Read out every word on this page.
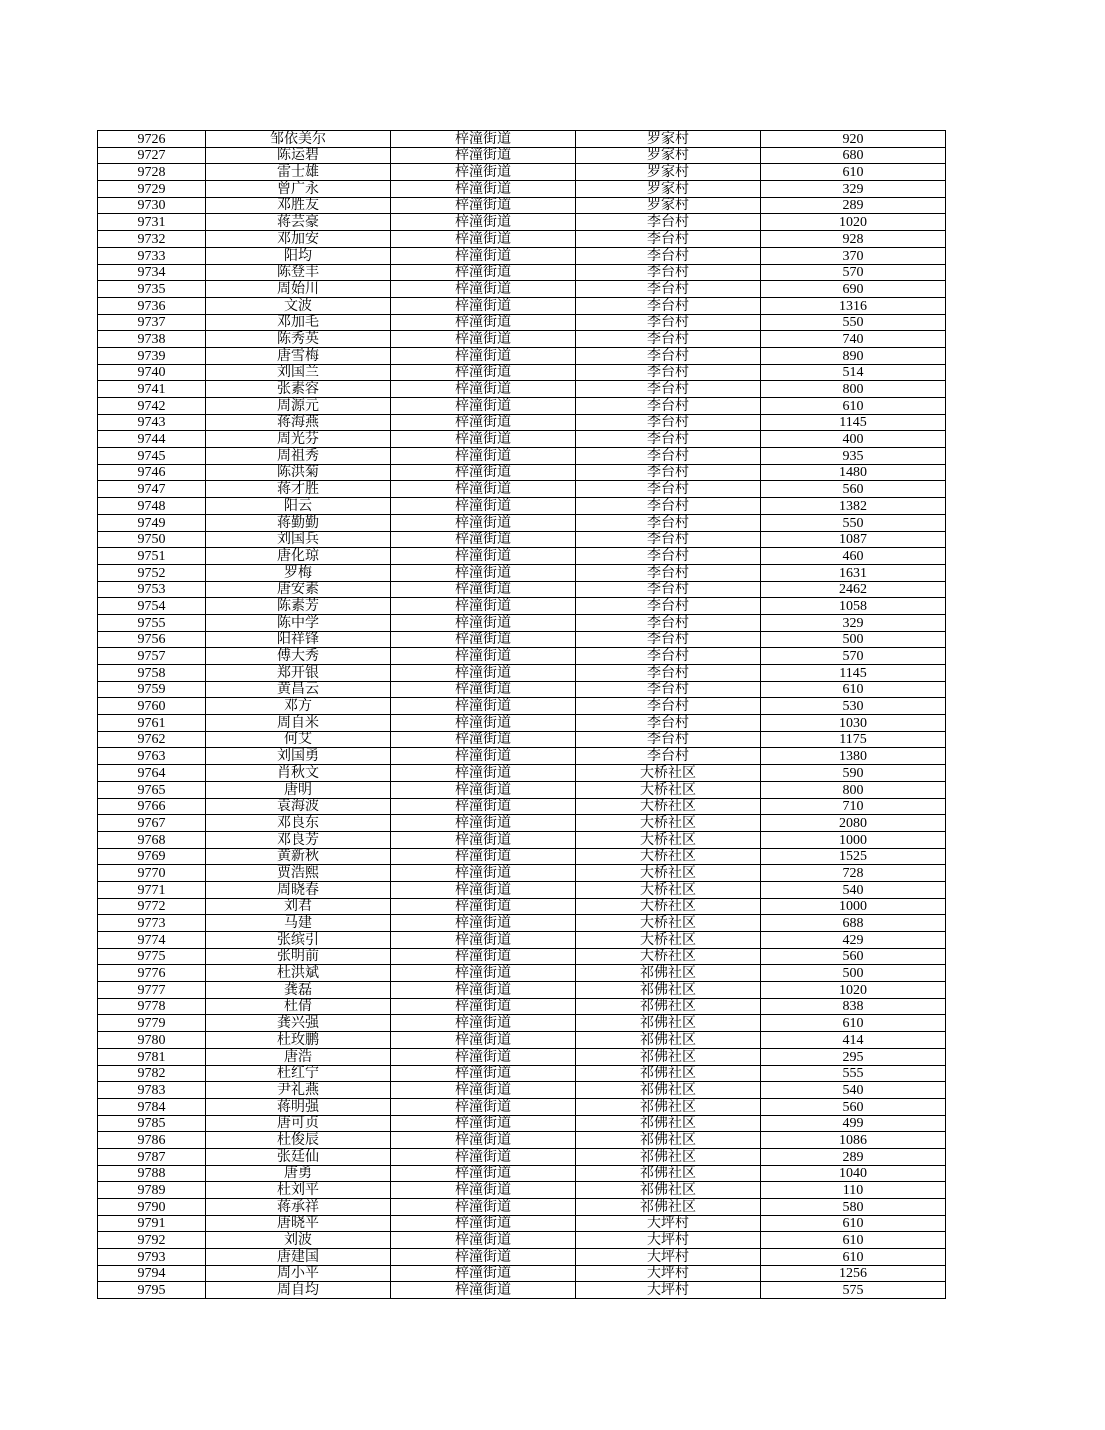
9726	邹依美尔	梓潼街道	罗家村	920
9727	陈运碧	梓潼街道	罗家村	680
9728	雷士雄	梓潼街道	罗家村	610
9729	曾广永	梓潼街道	罗家村	329
9730	邓胜友	梓潼街道	罗家村	289
9731	蒋芸豪	梓潼街道	李台村	1020
9732	邓加安	梓潼街道	李台村	928
9733	阳均	梓潼街道	李台村	370
9734	陈登丰	梓潼街道	李台村	570
9735	周始川	梓潼街道	李台村	690
9736	文波	梓潼街道	李台村	1316
9737	邓加毛	梓潼街道	李台村	550
9738	陈秀英	梓潼街道	李台村	740
9739	唐雪梅	梓潼街道	李台村	890
9740	刘国兰	梓潼街道	李台村	514
9741	张素容	梓潼街道	李台村	800
9742	周源元	梓潼街道	李台村	610
9743	蒋海燕	梓潼街道	李台村	1145
9744	周光芬	梓潼街道	李台村	400
9745	周祖秀	梓潼街道	李台村	935
9746	陈洪菊	梓潼街道	李台村	1480
9747	蒋才胜	梓潼街道	李台村	560
9748	阳云	梓潼街道	李台村	1382
9749	蒋勤勤	梓潼街道	李台村	550
9750	刘国兵	梓潼街道	李台村	1087
9751	唐化琼	梓潼街道	李台村	460
9752	罗梅	梓潼街道	李台村	1631
9753	唐安素	梓潼街道	李台村	2462
9754	陈素芳	梓潼街道	李台村	1058
9755	陈中学	梓潼街道	李台村	329
9756	阳祥锋	梓潼街道	李台村	500
9757	傅大秀	梓潼街道	李台村	570
9758	郑开银	梓潼街道	李台村	1145
9759	黄昌云	梓潼街道	李台村	610
9760	邓方	梓潼街道	李台村	530
9761	周自米	梓潼街道	李台村	1030
9762	何艾	梓潼街道	李台村	1175
9763	刘国勇	梓潼街道	李台村	1380
9764	肖秋文	梓潼街道	大桥社区	590
9765	唐明	梓潼街道	大桥社区	800
9766	袁海波	梓潼街道	大桥社区	710
9767	邓良东	梓潼街道	大桥社区	2080
9768	邓良芳	梓潼街道	大桥社区	1000
9769	黄新秋	梓潼街道	大桥社区	1525
9770	贾浩熙	梓潼街道	大桥社区	728
9771	周晓春	梓潼街道	大桥社区	540
9772	刘君	梓潼街道	大桥社区	1000
9773	马建	梓潼街道	大桥社区	688
9774	张缤引	梓潼街道	大桥社区	429
9775	张明前	梓潼街道	大桥社区	560
9776	杜洪斌	梓潼街道	祁佛社区	500
9777	龚磊	梓潼街道	祁佛社区	1020
9778	杜倩	梓潼街道	祁佛社区	838
9779	龚兴强	梓潼街道	祁佛社区	610
9780	杜玫鹏	梓潼街道	祁佛社区	414
9781	唐浩	梓潼街道	祁佛社区	295
9782	杜红宁	梓潼街道	祁佛社区	555
9783	尹礼燕	梓潼街道	祁佛社区	540
9784	蒋明强	梓潼街道	祁佛社区	560
9785	唐可贞	梓潼街道	祁佛社区	499
9786	杜俊辰	梓潼街道	祁佛社区	1086
9787	张廷仙	梓潼街道	祁佛社区	289
9788	唐勇	梓潼街道	祁佛社区	1040
9789	杜刘平	梓潼街道	祁佛社区	110
9790	蒋承祥	梓潼街道	祁佛社区	580
9791	唐晓平	梓潼街道	大坪村	610
9792	刘波	梓潼街道	大坪村	610
9793	唐建国	梓潼街道	大坪村	610
9794	周小平	梓潼街道	大坪村	1256
9795	周自均	梓潼街道	大坪村	575
